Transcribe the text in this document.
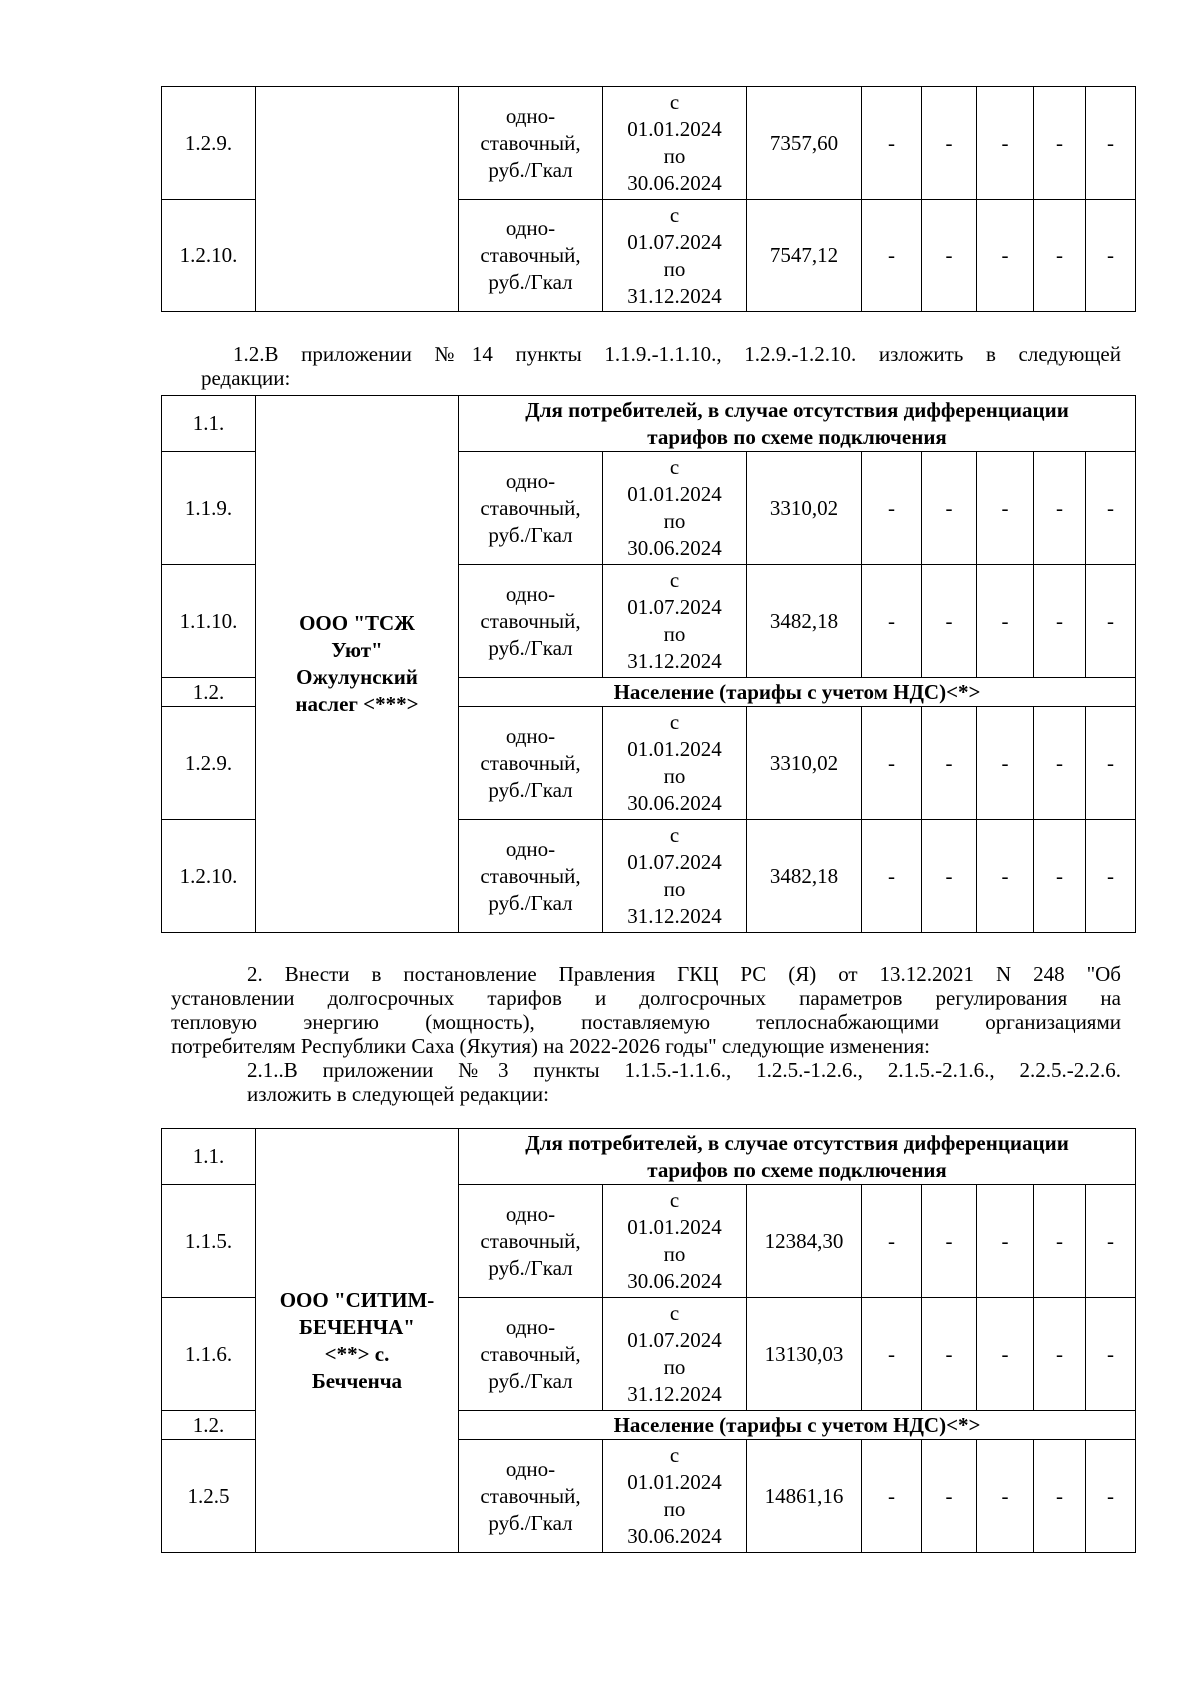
1.2.9.		одно-
ставочный,
руб./Гкал	с
01.01.2024
по
30.06.2024	7357,60	-	-	-	-	-
1.2.10.		одно-
ставочный,
руб./Гкал	с
01.07.2024
по
31.12.2024	7547,12	-	-	-	-	-

1.2.В приложении №14 пункты 1.1.9.-1.1.10., 1.2.9.-1.2.10. изложить в следующей

редакции:

1.1.	ООО "ТСЖ
Уют"
Ожулунский
наслег <***>	Для потребителей, в случае отсутствия дифференциации
тарифов по схеме подключения							
1.1.9.		одно-
ставочный,
руб./Гкал	с
01.01.2024
по
30.06.2024	3310,02	-	-	-	-	-
1.1.10.		одно-
ставочный,
руб./Гкал	с
01.07.2024
по
31.12.2024	3482,18	-	-	-	-	-
1.2.		Население (тарифы с учетом НДС)<*>							
1.2.9.		одно-
ставочный,
руб./Гкал	с
01.01.2024
по
30.06.2024	3310,02	-	-	-	-	-
1.2.10.		одно-
ставочный,
руб./Гкал	с
01.07.2024
по
31.12.2024	3482,18	-	-	-	-	-

2. Внести в постановление Правления ГКЦ РС (Я) от 13.12.2021 N 248 "Об
установлении долгосрочных тарифов и долгосрочных параметров регулирования на
тепловую энергию (мощность), поставляемую теплоснабжающими организациями
потребителям Республики Саха (Якутия) на 2022-2026 годы" следующие изменения:

2.1..В приложении №3 пункты 1.1.5.-1.1.6., 1.2.5.-1.2.6., 2.1.5.-2.1.6., 2.2.5.-2.2.6.
изложить в следующей редакции:

1.1.	ООО "СИТИМ-
БЕЧЕНЧА"
<**> с.
Бечченча	Для потребителей, в случае отсутствия дифференциации
тарифов по схеме подключения							
1.1.5.		одно-
ставочный,
руб./Гкал	с
01.01.2024
по
30.06.2024	12384,30	-	-	-	-	-
1.1.6.		одно-
ставочный,
руб./Гкал	с
01.07.2024
по
31.12.2024	13130,03	-	-	-	-	-
1.2.		Население (тарифы с учетом НДС)<*>							
1.2.5		одно-
ставочный,
руб./Гкал	с
01.01.2024
по
30.06.2024	14861,16	-	-	-	-	-
